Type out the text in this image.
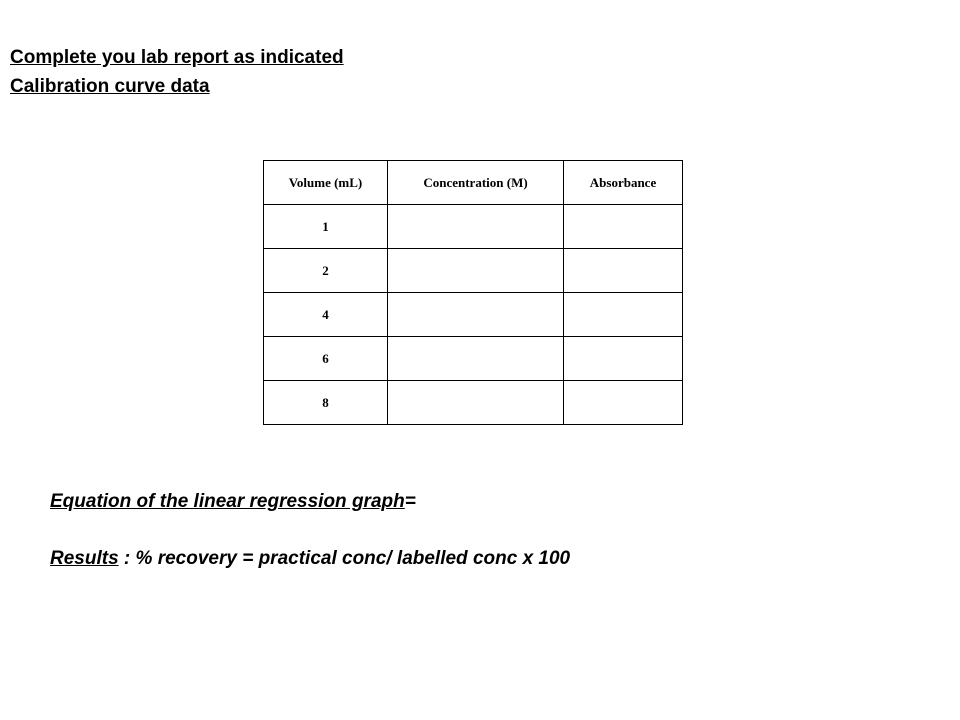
Complete you lab report as indicated
Calibration curve data
Volume (mL)	Concentration (M)	Absorbance
1		
2		
4		
6		
8		
Equation of the linear regression graph=
Results : % recovery = practical conc/ labelled conc x 100
